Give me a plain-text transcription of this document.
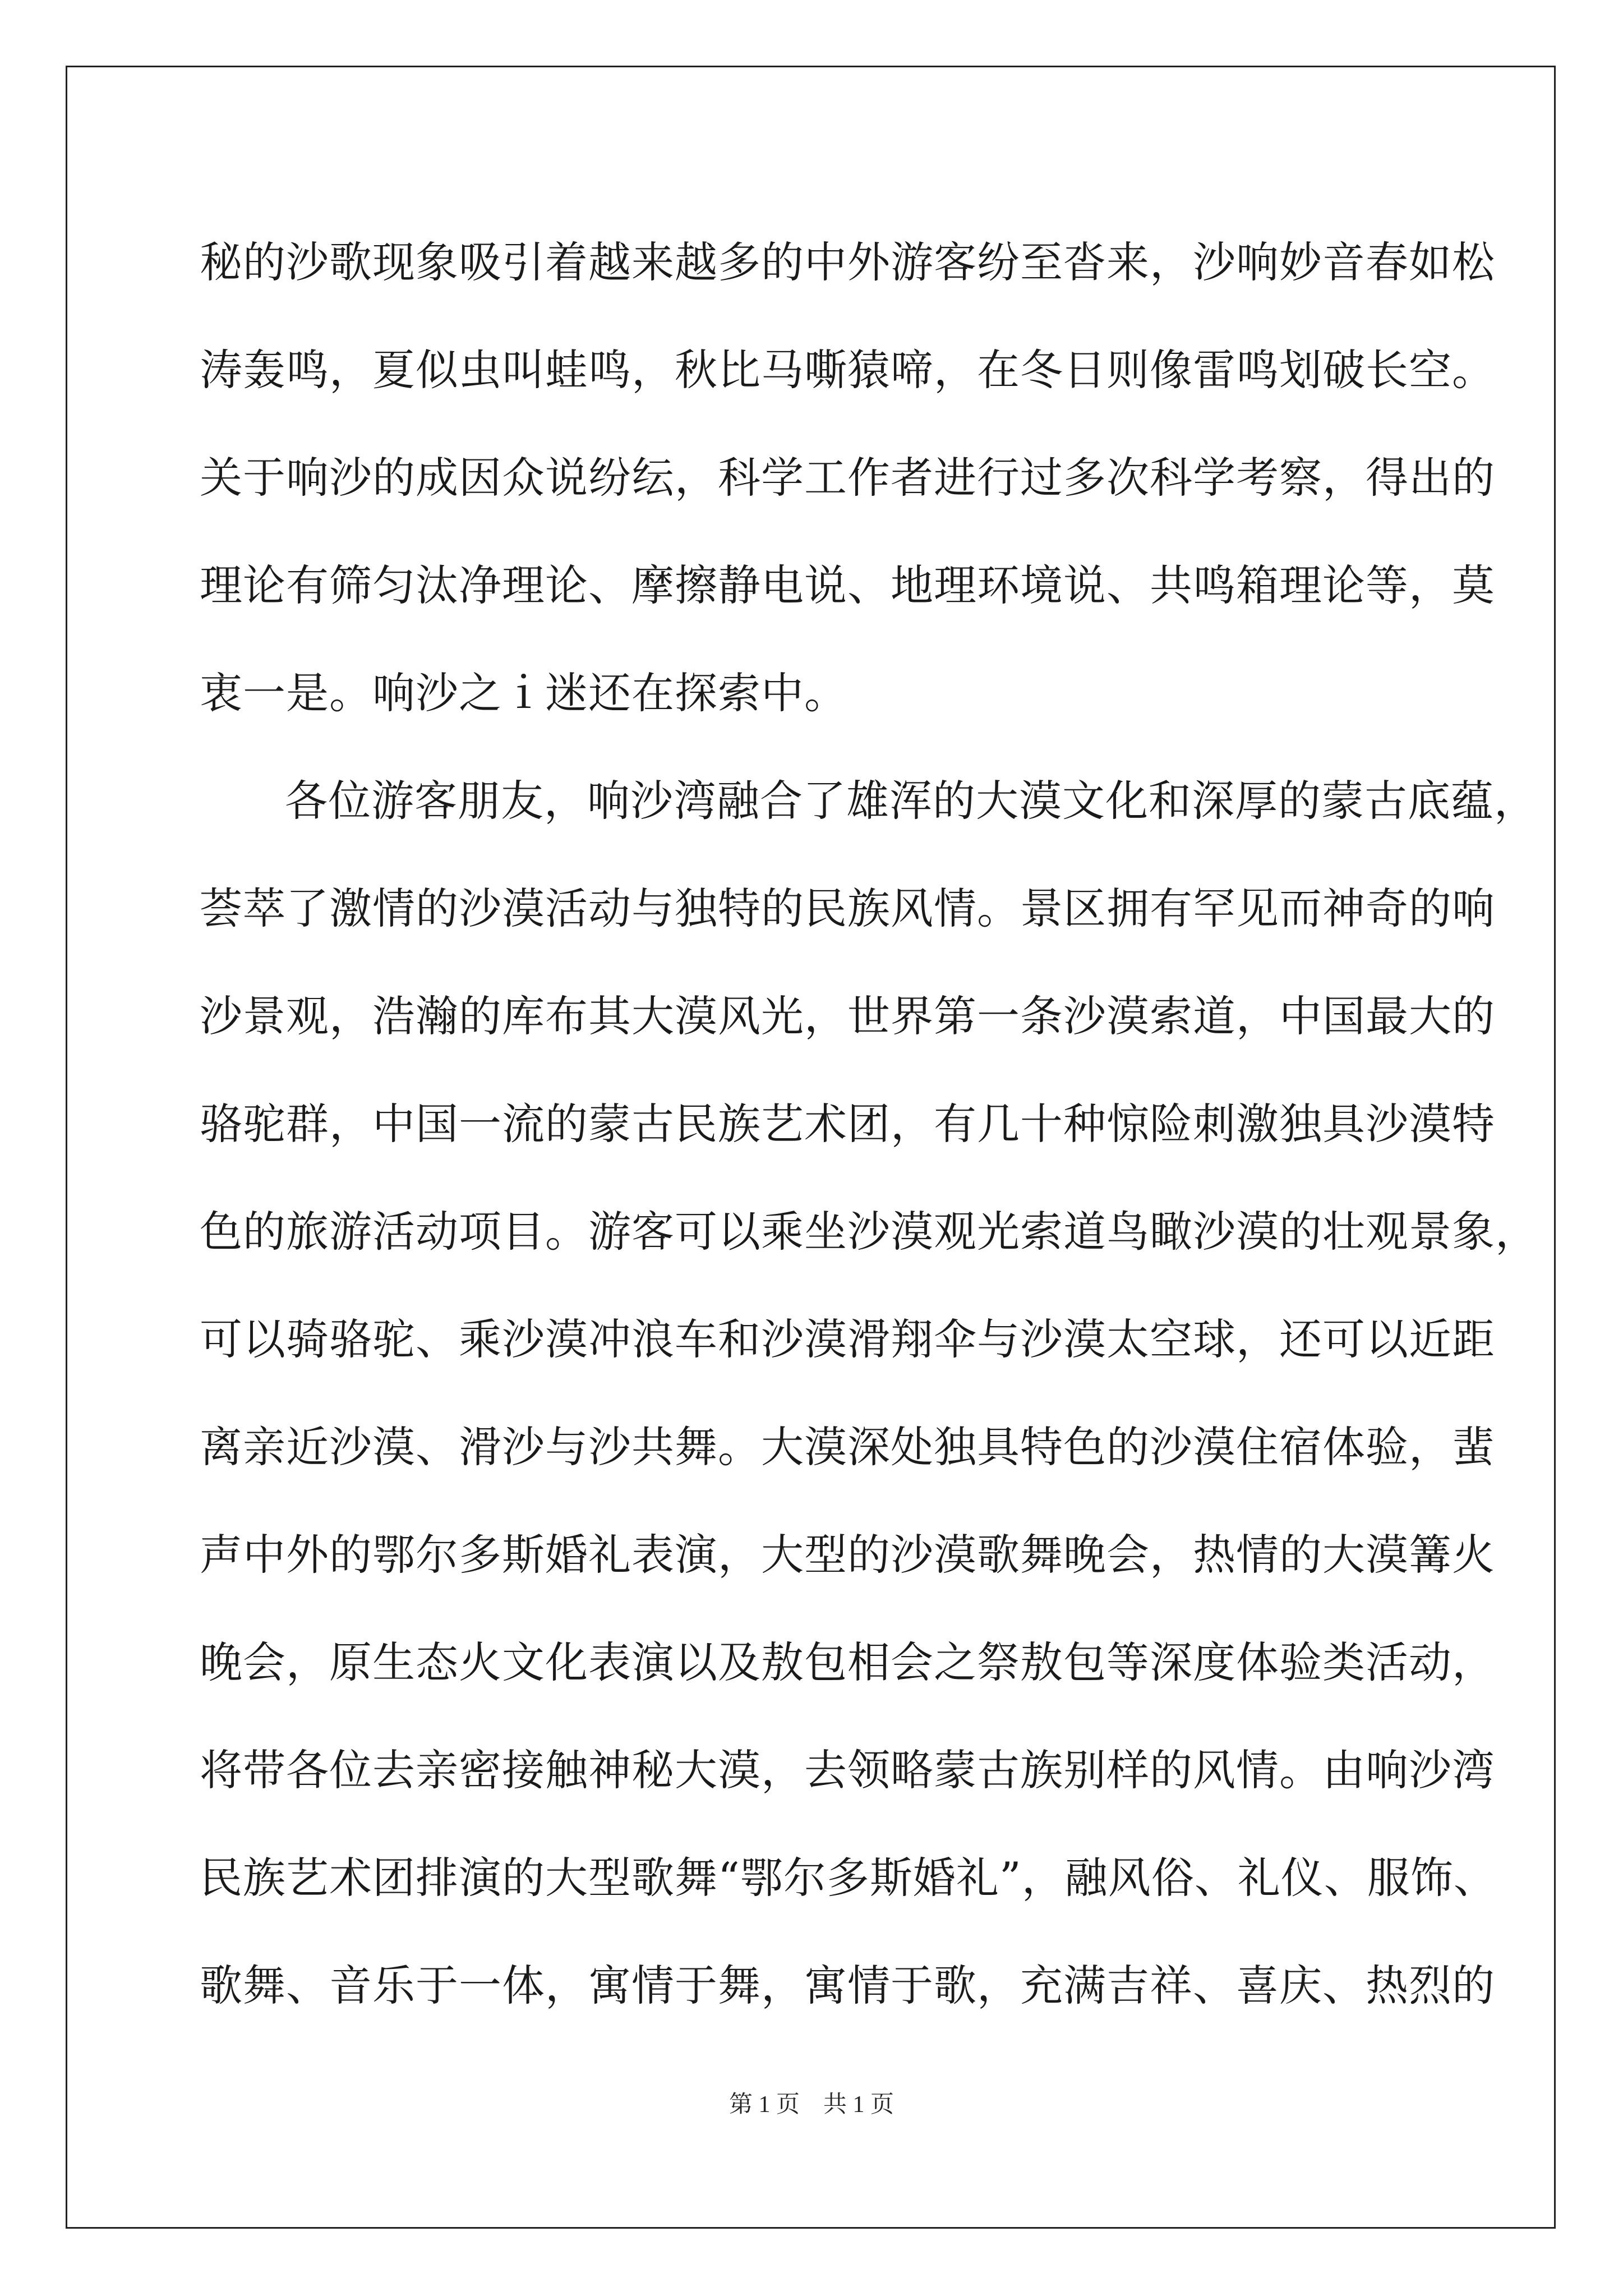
秘的沙歌现象吸引着越来越多的中外游客纷至沓来，沙响妙音春如松
涛轰鸣，夏似虫叫蛙鸣，秋比马嘶猿啼，在冬日则像雷鸣划破长空。
关于响沙的成因众说纷纭，科学工作者进行过多次科学考察，得出的
理论有筛匀汰净理论、摩擦静电说、地理环境说、共鸣箱理论等，莫
衷一是。响沙之ｉ迷还在探索中。
各位游客朋友，响沙湾融合了雄浑的大漠文化和深厚的蒙古底蕴，
荟萃了激情的沙漠活动与独特的民族风情。景区拥有罕见而神奇的响
沙景观，浩瀚的库布其大漠风光，世界第一条沙漠索道，中国最大的
骆驼群，中国一流的蒙古民族艺术团，有几十种惊险刺激独具沙漠特
色的旅游活动项目。游客可以乘坐沙漠观光索道鸟瞰沙漠的壮观景象，
可以骑骆驼、乘沙漠冲浪车和沙漠滑翔伞与沙漠太空球，还可以近距
离亲近沙漠、滑沙与沙共舞。大漠深处独具特色的沙漠住宿体验，蜚
声中外的鄂尔多斯婚礼表演，大型的沙漠歌舞晚会，热情的大漠篝火
晚会，原生态火文化表演以及敖包相会之祭敖包等深度体验类活动，
将带各位去亲密接触神秘大漠，去领略蒙古族别样的风情。由响沙湾
民族艺术团排演的大型歌舞“鄂尔多斯婚礼”，融风俗、礼仪、服饰、
歌舞、音乐于一体，寓情于舞，寓情于歌，充满吉祥、喜庆、热烈的
第 1 页　共 1 页
